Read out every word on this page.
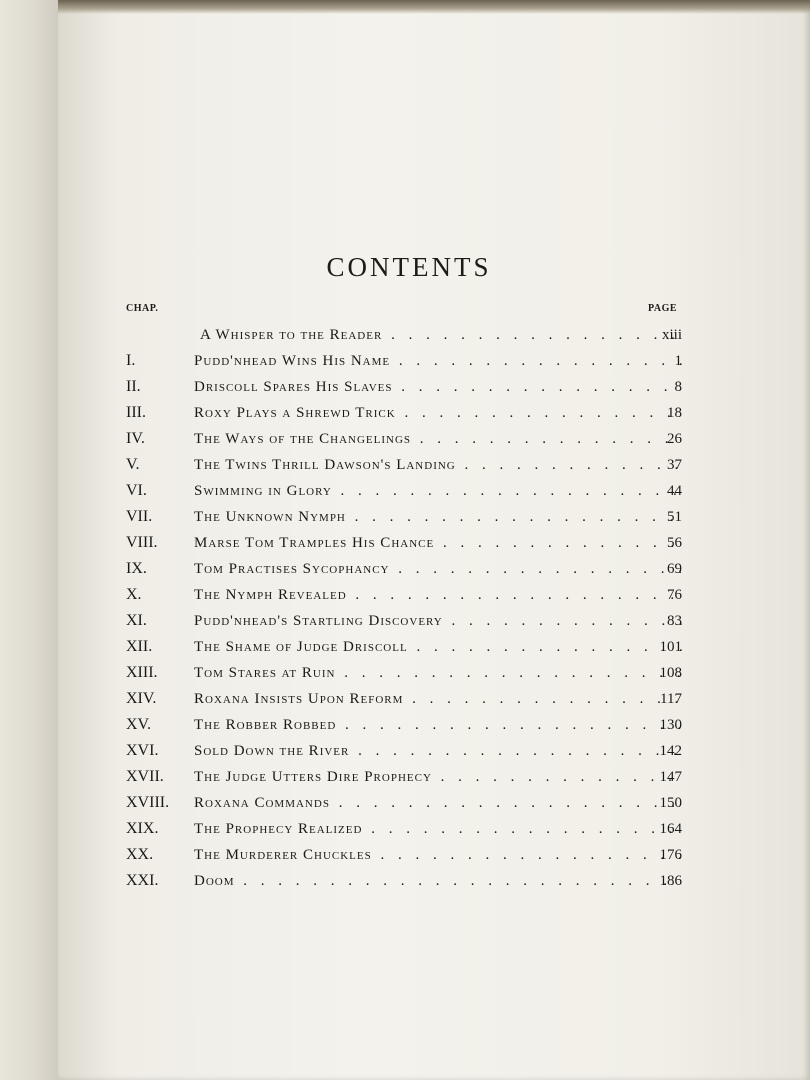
CONTENTS
CHAP.	PAGE
A Whisper to the Reader . . .	xiii
I.	Pudd'nhead Wins His Name . . .	1
II.	Driscoll Spares His Slaves . . .	8
III.	Roxy Plays a Shrewd Trick . . .	18
IV.	The Ways of the Changelings . . .	26
V.	The Twins Thrill Dawson's Landing . . .	37
VI.	Swimming in Glory . . .	44
VII.	The Unknown Nymph . . .	51
VIII. Marse Tom Tramples His Chance . . .	56
IX.	Tom Practises Sycophancy . . .	69
X.	The Nymph Revealed . . .	76
XI.	Pudd'nhead's Startling Discovery . . .	83
XII.	The Shame of Judge Driscoll . . .	101
XIII. Tom Stares at Ruin . . .	108
XIV.	Roxana Insists Upon Reform . . .	117
XV.	The Robber Robbed . . .	130
XVI. Sold Down the River . . .	142
XVII. The Judge Utters Dire Prophecy . . .	147
XVIII. Roxana Commands . . .	150
XIX. The Prophecy Realized . . .	164
XX.	The Murderer Chuckles . . .	176
XXI. Doom . . .	186
